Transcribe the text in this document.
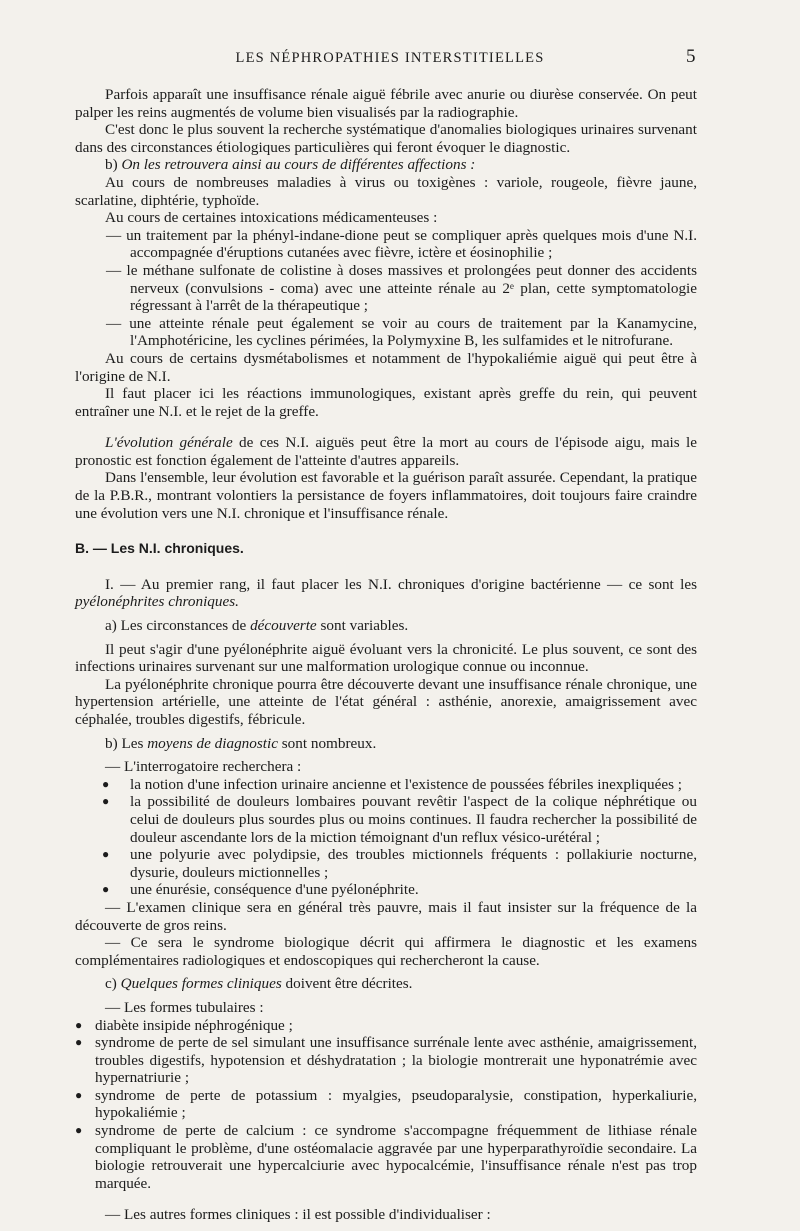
LES NÉPHROPATHIES INTERSTITIELLES	5

Parfois apparaît une insuffisance rénale aiguë fébrile avec anurie ou diurèse conservée. On peut palper les reins augmentés de volume bien visualisés par la radiographie.

C'est donc le plus souvent la recherche systématique d'anomalies biologiques urinaires survenant dans des circonstances étiologiques particulières qui feront évoquer le diagnostic.

b) On les retrouvera ainsi au cours de différentes affections :

Au cours de nombreuses maladies à virus ou toxigènes : variole, rougeole, fièvre jaune, scarlatine, diphtérie, typhoïde.

Au cours de certaines intoxications médicamenteuses :

— un traitement par la phényl-indane-dione peut se compliquer après quelques mois d'une N.I. accompagnée d'éruptions cutanées avec fièvre, ictère et éosinophilie ;

— le méthane sulfonate de colistine à doses massives et prolongées peut donner des accidents nerveux (convulsions - coma) avec une atteinte rénale au 2ᵉ plan, cette symptomatologie régressant à l'arrêt de la thérapeutique ;

— une atteinte rénale peut également se voir au cours de traitement par la Kanamycine, l'Amphotéricine, les cyclines périmées, la Polymyxine B, les sulfamides et le nitrofurane.

Au cours de certains dysmétabolismes et notamment de l'hypokaliémie aiguë qui peut être à l'origine de N.I.

Il faut placer ici les réactions immunologiques, existant après greffe du rein, qui peuvent entraîner une N.I. et le rejet de la greffe.

L'évolution générale de ces N.I. aiguës peut être la mort au cours de l'épisode aigu, mais le pronostic est fonction également de l'atteinte d'autres appareils.

Dans l'ensemble, leur évolution est favorable et la guérison paraît assurée. Cependant, la pratique de la P.B.R., montrant volontiers la persistance de foyers inflammatoires, doit toujours faire craindre une évolution vers une N.I. chronique et l'insuffisance rénale.

B. — Les N.I. chroniques.

I. — Au premier rang, il faut placer les N.I. chroniques d'origine bactérienne — ce sont les pyélonéphrites chroniques.

a) Les circonstances de découverte sont variables.

Il peut s'agir d'une pyélonéphrite aiguë évoluant vers la chronicité. Le plus souvent, ce sont des infections urinaires survenant sur une malformation urologique connue ou inconnue.

La pyélonéphrite chronique pourra être découverte devant une insuffisance rénale chronique, une hypertension artérielle, une atteinte de l'état général : asthénie, anorexie, amaigrissement avec céphalée, troubles digestifs, fébricule.

b) Les moyens de diagnostic sont nombreux.

— L'interrogatoire recherchera :

● la notion d'une infection urinaire ancienne et l'existence de poussées fébriles inexpliquées ;

● la possibilité de douleurs lombaires pouvant revêtir l'aspect de la colique néphrétique ou celui de douleurs plus sourdes plus ou moins continues. Il faudra rechercher la possibilité de douleur ascendante lors de la miction témoignant d'un reflux vésico-urétéral ;

● une polyurie avec polydipsie, des troubles mictionnels fréquents : pollakiurie nocturne, dysurie, douleurs mictionnelles ;

● une énurésie, conséquence d'une pyélonéphrite.

— L'examen clinique sera en général très pauvre, mais il faut insister sur la fréquence de la découverte de gros reins.

— Ce sera le syndrome biologique décrit qui affirmera le diagnostic et les examens complémentaires radiologiques et endoscopiques qui rechercheront la cause.

c) Quelques formes cliniques doivent être décrites.

— Les formes tubulaires :

● diabète insipide néphrogénique ;

● syndrome de perte de sel simulant une insuffisance surrénale lente avec asthénie, amaigrissement, troubles digestifs, hypotension et déshydratation ; la biologie montrerait une hyponatrémie avec hypernatriurie ;

● syndrome de perte de potassium : myalgies, pseudoparalysie, constipation, hyperkaliurie, hypokaliémie ;

● syndrome de perte de calcium : ce syndrome s'accompagne fréquemment de lithiase rénale compliquant le problème, d'une ostéomalacie aggravée par une hyperparathyroïdie secondaire. La biologie retrouverait une hypercalciurie avec hypocalcémie, l'insuffisance rénale n'est pas trop marquée.

— Les autres formes cliniques : il est possible d'individualiser :
